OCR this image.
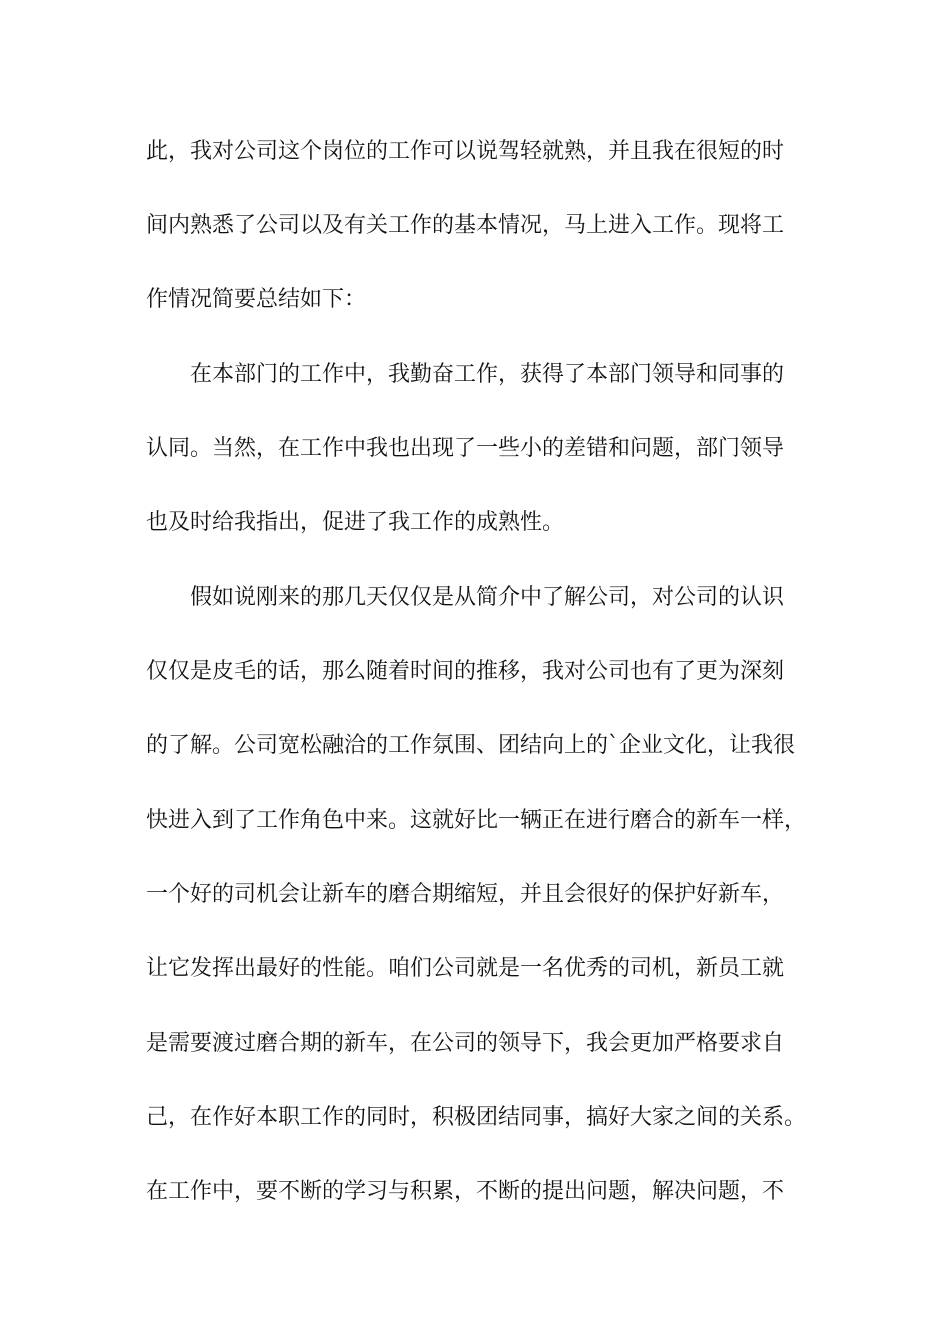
此，我对公司这个岗位的工作可以说驾轻就熟，并且我在很短的时
间内熟悉了公司以及有关工作的基本情况，马上进入工作。现将工
作情况简要总结如下：
在本部门的工作中，我勤奋工作，获得了本部门领导和同事的
认同。当然，在工作中我也出现了一些小的差错和问题，部门领导
也及时给我指出，促进了我工作的成熟性。
假如说刚来的那几天仅仅是从简介中了解公司，对公司的认识
仅仅是皮毛的话，那么随着时间的推移，我对公司也有了更为深刻
的了解。公司宽松融洽的工作氛围、团结向上的`企业文化，让我很
快进入到了工作角色中来。这就好比一辆正在进行磨合的新车一样，
一个好的司机会让新车的磨合期缩短，并且会很好的保护好新车，
让它发挥出最好的性能。咱们公司就是一名优秀的司机，新员工就
是需要渡过磨合期的新车，在公司的领导下，我会更加严格要求自
己，在作好本职工作的同时，积极团结同事，搞好大家之间的关系。
在工作中，要不断的学习与积累，不断的提出问题，解决问题，不
